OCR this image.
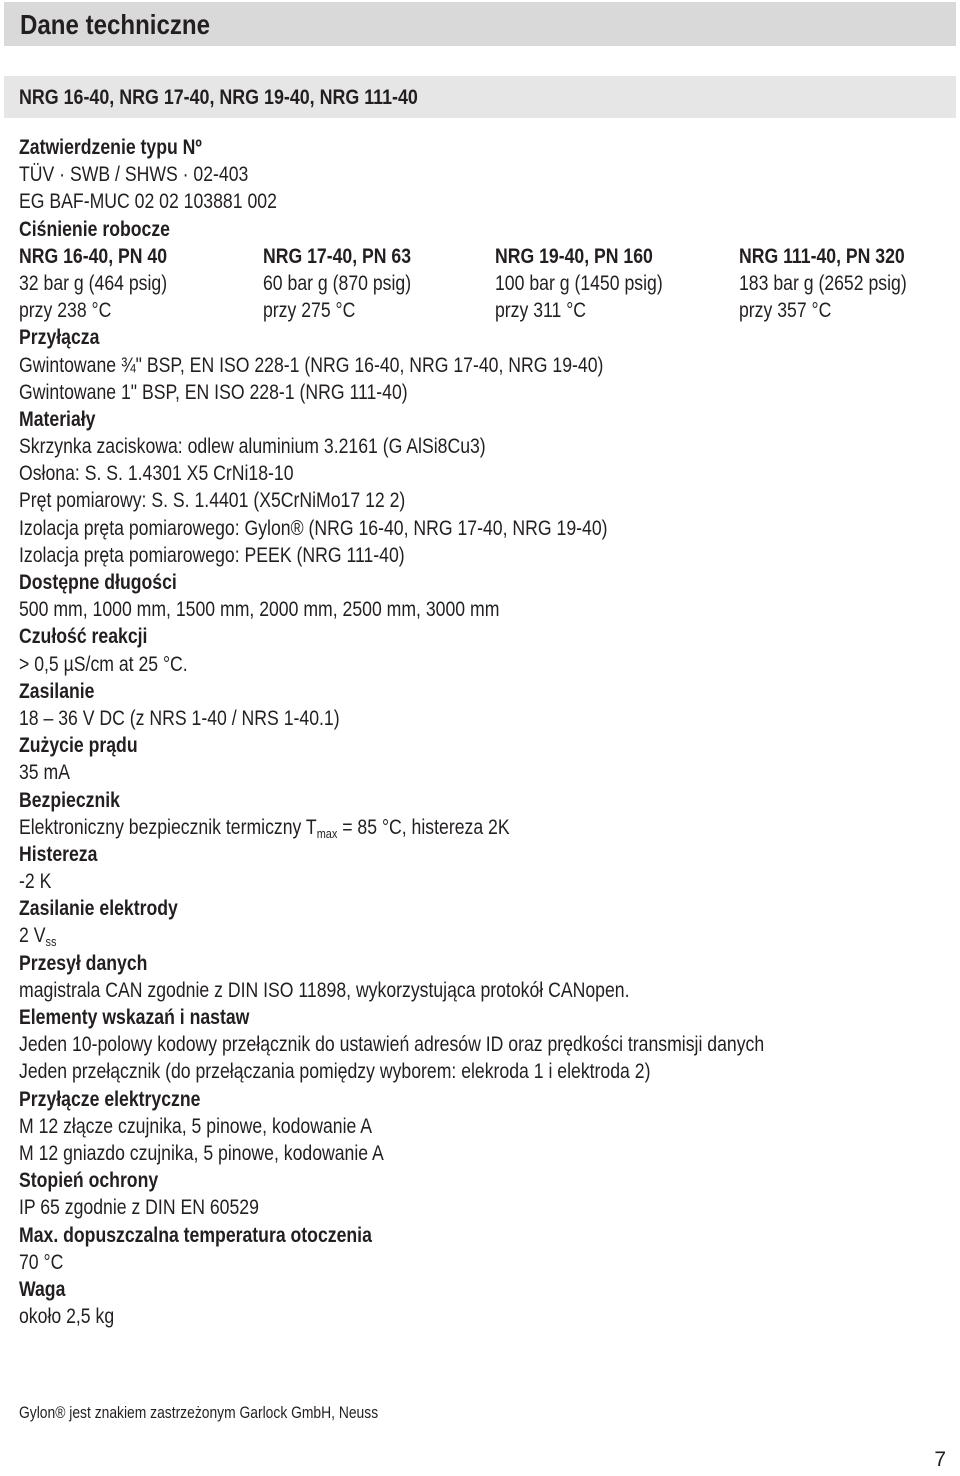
Dane techniczne
NRG 16-40, NRG 17-40, NRG 19-40, NRG 111-40
Zatwierdzenie typu Nº
TÜV · SWB / SHWS · 02-403
EG BAF-MUC 02 02 103881 002
Ciśnienie robocze
NRG 16-40, PN 40	NRG 17-40, PN 63	NRG 19-40, PN 160	NRG 111-40, PN 320
32 bar g (464 psig)	60 bar g (870 psig)	100 bar g (1450 psig)	183 bar g (2652 psig)
przy 238 °C	przy 275 °C	przy 311 °C	przy 357 °C
Przyłącza
Gwintowane ¾" BSP, EN ISO 228-1 (NRG 16-40, NRG 17-40, NRG 19-40)
Gwintowane 1" BSP, EN ISO 228-1 (NRG 111-40)
Materiały
Skrzynka zaciskowa: odlew aluminium 3.2161 (G AlSi8Cu3)
Osłona: S. S. 1.4301 X5 CrNi18-10
Pręt pomiarowy: S. S. 1.4401 (X5CrNiMo17 12 2)
Izolacja pręta pomiarowego: Gylon® (NRG 16-40, NRG 17-40, NRG 19-40)
Izolacja pręta pomiarowego: PEEK (NRG 111-40)
Dostępne długości
500 mm, 1000 mm, 1500 mm, 2000 mm, 2500 mm, 3000 mm
Czułość reakcji
> 0,5 µS/cm at 25 °C.
Zasilanie
18 – 36 V DC (z NRS 1-40 / NRS 1-40.1)
Zużycie prądu
35 mA
Bezpiecznik
Elektroniczny bezpiecznik termiczny $T_{max} = 85$ °C, histereza 2K
Histereza
-2 K
Zasilanie elektrody
2 $V_{ss}$
Przesył danych
magistrala CAN zgodnie z DIN ISO 11898, wykorzystująca protokół CANopen.
Elementy wskazań i nastaw
Jeden 10-polowy kodowy przełącznik do ustawień adresów ID oraz prędkości transmisji danych
Jeden przełącznik (do przełączania pomiędzy wyborem: elekroda 1 i elektroda 2)
Przyłącze elektryczne
M 12 złącze czujnika, 5 pinowe, kodowanie A
M 12 gniazdo czujnika, 5 pinowe, kodowanie A
Stopień ochrony
IP 65 zgodnie z DIN EN 60529
Max. dopuszczalna temperatura otoczenia
70 °C
Waga
około 2,5 kg
Gylon® jest znakiem zastrzeżonym Garlock GmbH, Neuss
7
